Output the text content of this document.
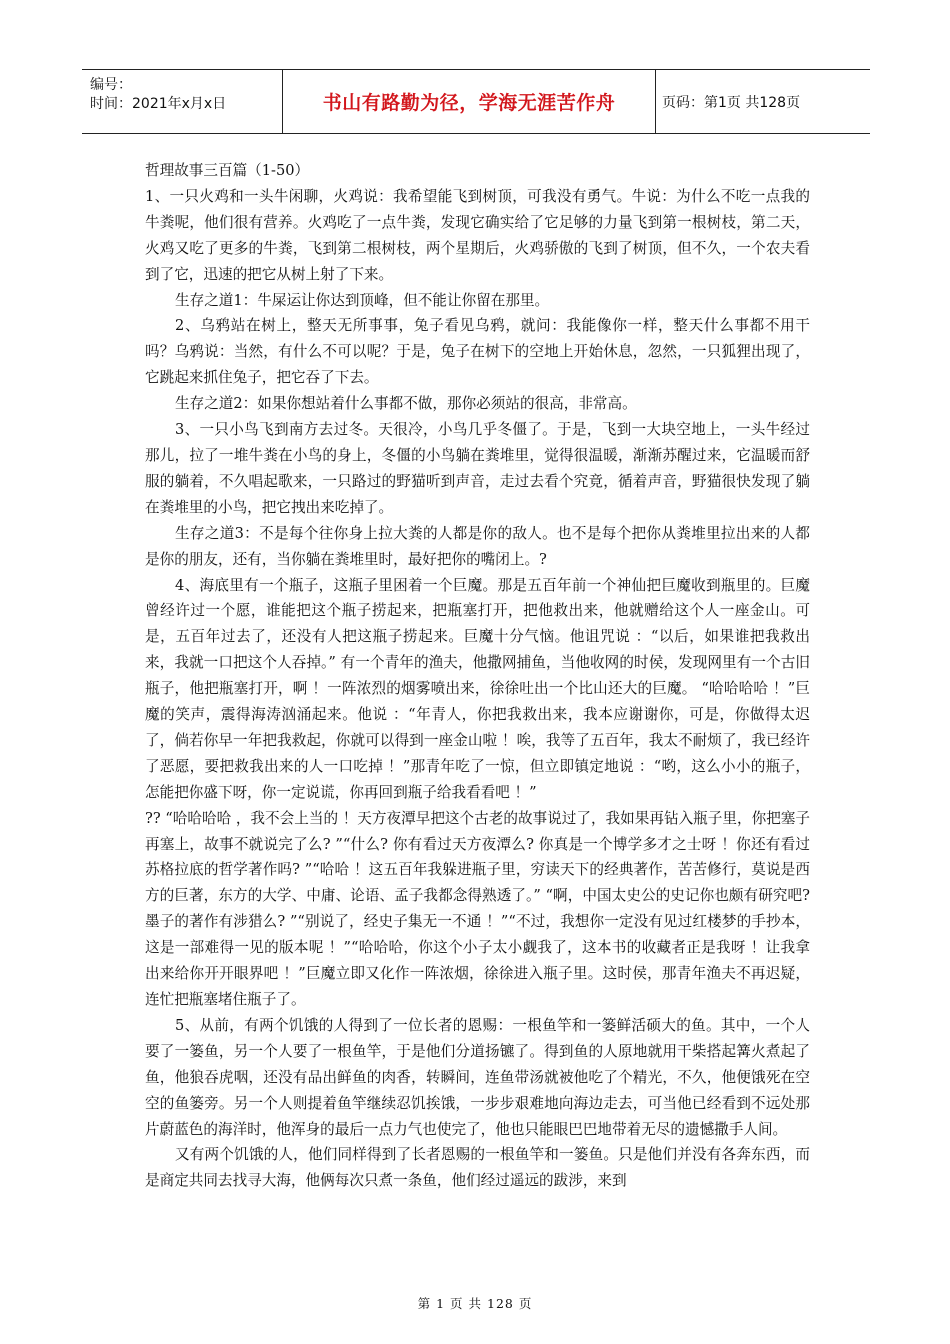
编号：
时间：2021年x月x日	书山有路勤为径，学海无涯苦作舟	页码：第1页 共128页

哲理故事三百篇（1-50）

1、一只火鸡和一头牛闲聊，火鸡说：我希望能飞到树顶，可我没有勇气。牛说：为什么不吃一点我的牛粪呢，他们很有营养。火鸡吃了一点牛粪，发现它确实给了它足够的力量飞到第一根树枝，第二天，火鸡又吃了更多的牛粪，飞到第二根树枝，两个星期后，火鸡骄傲的飞到了树顶，但不久，一个农夫看到了它，迅速的把它从树上射了下来。

生存之道1：牛屎运让你达到顶峰，但不能让你留在那里。

2、乌鸦站在树上，整天无所事事，兔子看见乌鸦，就问：我能像你一样，整天什么事都不用干吗？乌鸦说：当然，有什么不可以呢？于是，兔子在树下的空地上开始休息，忽然，一只狐狸出现了，它跳起来抓住兔子，把它吞了下去。

生存之道2：如果你想站着什么事都不做，那你必须站的很高，非常高。

3、一只小鸟飞到南方去过冬。天很冷，小鸟几乎冬僵了。于是，飞到一大块空地上，一头牛经过那儿，拉了一堆牛粪在小鸟的身上，冬僵的小鸟躺在粪堆里，觉得很温暖，渐渐苏醒过来，它温暖而舒服的躺着，不久唱起歌来，一只路过的野猫听到声音，走过去看个究竟，循着声音，野猫很快发现了躺在粪堆里的小鸟，把它拽出来吃掉了。

生存之道3：不是每个往你身上拉大粪的人都是你的敌人。也不是每个把你从粪堆里拉出来的人都是你的朋友，还有，当你躺在粪堆里时，最好把你的嘴闭上。?

4、海底里有一个瓶子，这瓶子里困着一个巨魔。那是五百年前一个神仙把巨魔收到瓶里的。巨魔曾经许过一个愿，谁能把这个瓶子捞起来，把瓶塞打开，把他救出来，他就赠给这个人一座金山。可是，五百年过去了，还没有人把这瓶子捞起来。巨魔十分气恼。他诅咒说 ：“以后，如果谁把我救出来，我就一口把这个人吞掉。” 有一个青年的渔夫，他撒网捕鱼，当他收网的时侯，发现网里有一个古旧瓶子，他把瓶塞打开，啊 ！一阵浓烈的烟雾喷出来，徐徐吐出一个比山还大的巨魔。 “哈哈哈哈 ！”巨魔的笑声，震得海涛汹涌起来。他说 ：“年青人，你把我救出来，我本应谢谢你，可是，你做得太迟了，倘若你早一年把我救起，你就可以得到一座金山啦 ！唉，我等了五百年，我太不耐烦了，我已经许了恶愿，要把救我出来的人一口吃掉 ！”那青年吃了一惊，但立即镇定地说 ：“哟，这么小小的瓶子，怎能把你盛下呀，你一定说谎，你再回到瓶子给我看看吧 ！”

?? “哈哈哈哈 ，我不会上当的 ！天方夜潭早把这个古老的故事说过了，我如果再钻入瓶子里，你把塞子再塞上，故事不就说完了么? ”“什么? 你有看过天方夜潭么? 你真是一个博学多才之士呀 ！你还有看过苏格拉底的哲学著作吗? ”“哈哈 ！这五百年我躲进瓶子里，穷读天下的经典著作，苦苦修行，莫说是西方的巨著，东方的大学、中庸、论语、孟子我都念得熟透了。” “啊，中国太史公的史记你也颇有研究吧? 墨子的著作有涉猎么? ”“别说了，经史子集无一不通 ！”“不过，我想你一定没有见过红楼梦的手抄本，这是一部难得一见的版本呢 ！”“哈哈哈，你这个小子太小觑我了，这本书的收藏者正是我呀 ！让我拿出来给你开开眼界吧 ！”巨魔立即又化作一阵浓烟，徐徐进入瓶子里。这时侯，那青年渔夫不再迟疑，连忙把瓶塞堵住瓶子了。

5、从前，有两个饥饿的人得到了一位长者的恩赐：一根鱼竿和一篓鲜活硕大的鱼。其中，一个人要了一篓鱼，另一个人要了一根鱼竿，于是他们分道扬镳了。得到鱼的人原地就用干柴搭起篝火煮起了鱼，他狼吞虎咽，还没有品出鲜鱼的肉香，转瞬间，连鱼带汤就被他吃了个精光，不久，他便饿死在空空的鱼篓旁。另一个人则提着鱼竿继续忍饥挨饿，一步步艰难地向海边走去，可当他已经看到不远处那片蔚蓝色的海洋时，他浑身的最后一点力气也使完了，他也只能眼巴巴地带着无尽的遗憾撒手人间。

又有两个饥饿的人，他们同样得到了长者恩赐的一根鱼竿和一篓鱼。只是他们并没有各奔东西，而是商定共同去找寻大海，他俩每次只煮一条鱼，他们经过遥远的跋涉，来到

第 1 页 共 128 页
